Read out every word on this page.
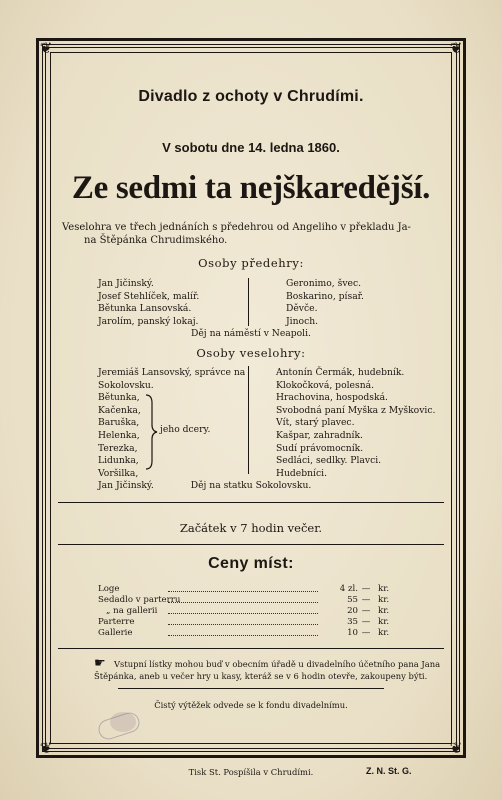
❦	❦
❦	❦
Divadlo z ochoty v Chrudími.
V sobotu dne 14. ledna 1860.
Ze sedmi ta nejškaredější.
Veselohra ve třech jednáních s předehrou od Angeliho v překladu Ja-
na Štěpánka Chrudimského.
Osoby předehry:
Jan Jičinský.
Josef Stehlíček, malíř.
Bětunka Lansovská.
Jarolím, panský lokaj.
Geronimo, švec.
Boskarino, písař.
Děvče.
Jinoch.
Děj na náměstí v Neapoli.
Osoby veselohry:
Jeremiáš Lansovský, správce na
Sokolovsku.
Bětunka,
Kačenka,
Baruška,
Helenka,
Terezka,
Lidunka,
Voršilka,
Jan Jičinský.
jeho dcery.
Antonín Čermák, hudebník.
Klokočková, polesná.
Hrachovina, hospodská.
Svobodná paní Myška z Myškovic.
Vít, starý plavec.
Kašpar, zahradník.
Sudí právomocník.
Sedláci, sedlky. Plavci.
Hudebníci.
Děj na statku Sokolovsku.
Začátek v 7 hodin večer.
Ceny míst:
Loge	4 zl. — kr.
Sedadlo v parterru	55 — kr.
„ na gallerii	20 — kr.
Parterre	35 — kr.
Gallerie	10 — kr.
☛ Vstupní lístky mohou buď v obecním úřadě u divadelního účetního pana Jana
Štěpánka, aneb u večer hry u kasy, kteráž se v 6 hodin otevře, zakoupeny býti.
Čistý výtěžek odvede se k fondu divadelnímu.
Tisk St. Pospíšila v Chrudími.	Z. N. St. G.
